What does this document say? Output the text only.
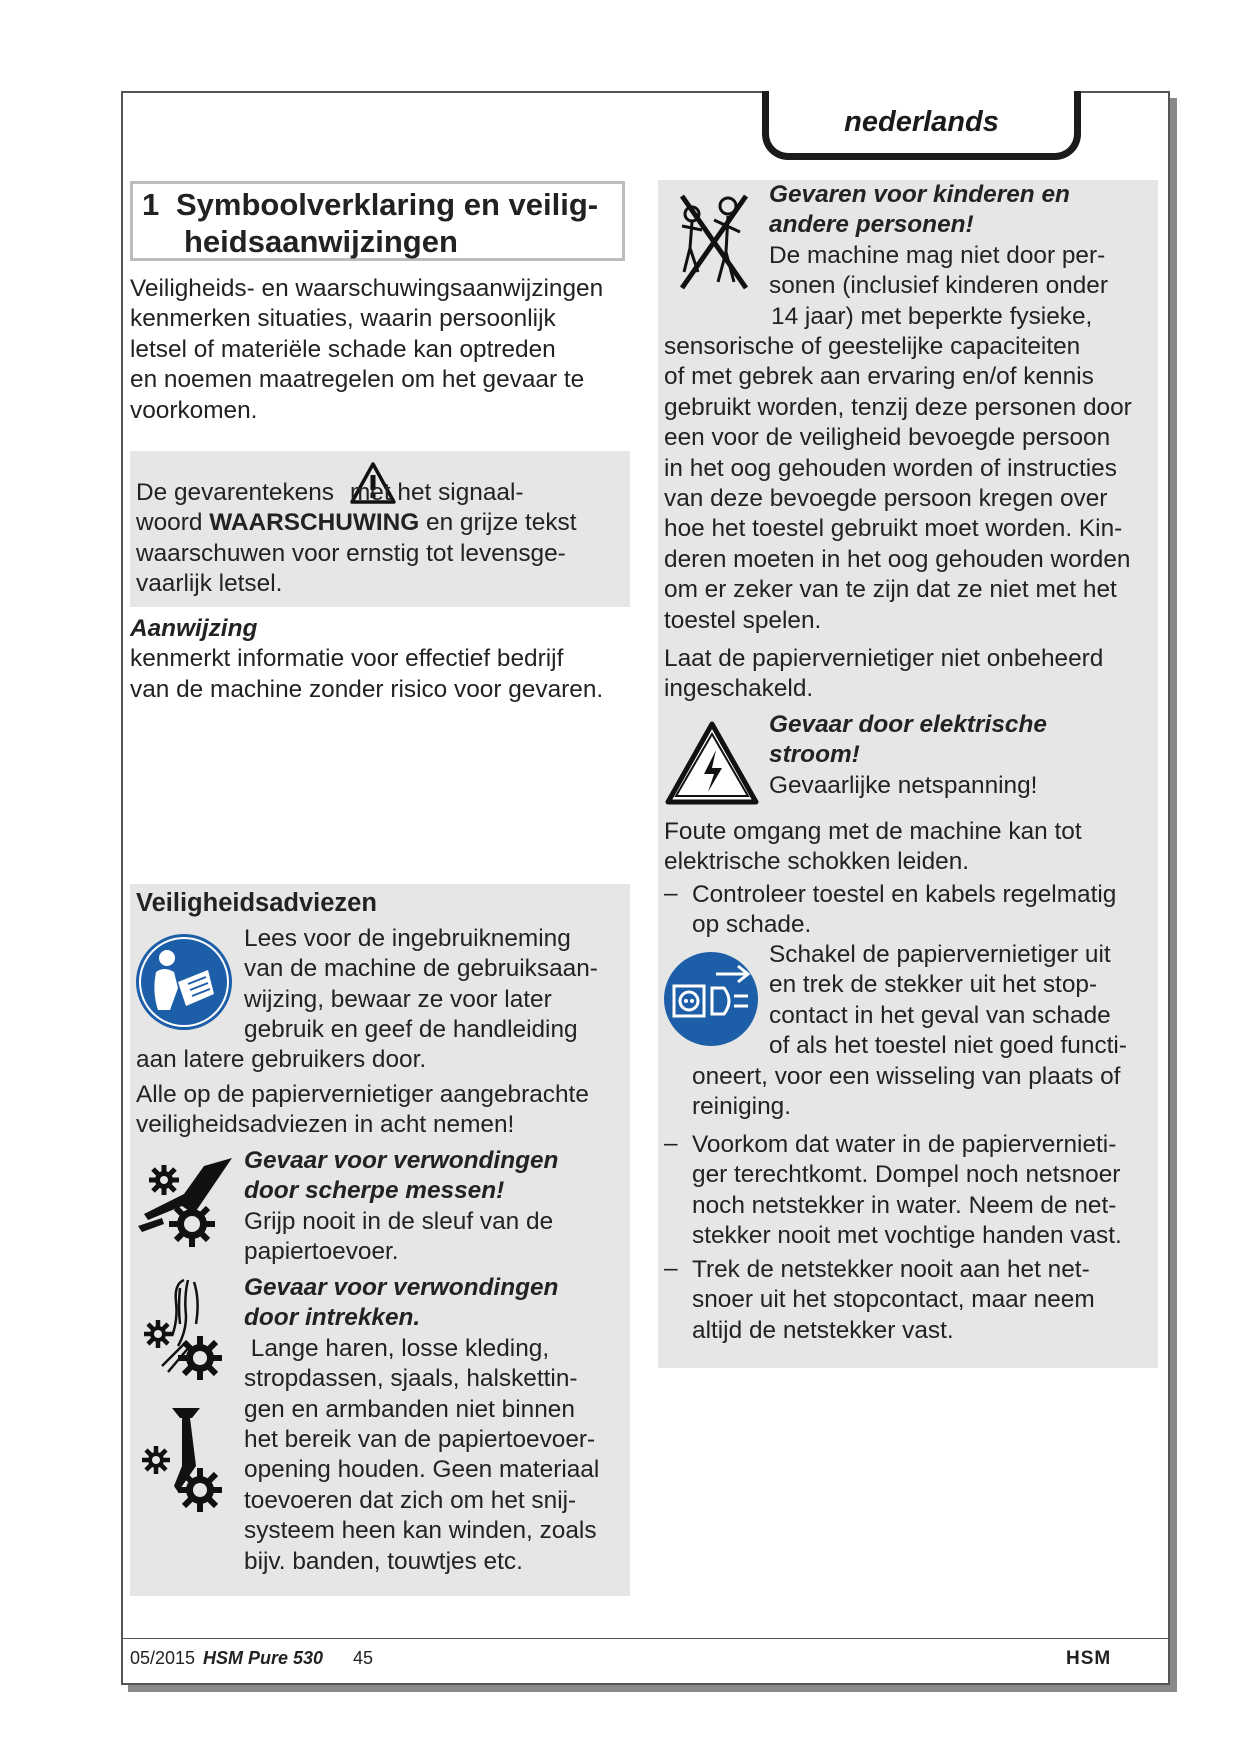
nederlands
1 Symboolverklaring en veilig-
heidsaanwijzingen

Veiligheids- en waarschuwingsaanwijzingen

kenmerken situaties, waarin persoonlijk

letsel of materiële schade kan optreden

en noemen maatregelen om het gevaar te

voorkomen.

De gevarentekens met het signaal-
woord WAARSCHUWING en grijze tekst
waarschuwen voor ernstig tot levensge-
vaarlijk letsel.

Aanwijzing

kenmerkt informatie voor effectief bedrijf

van de machine zonder risico voor gevaren.

Veiligheidsadviezen

Lees voor de ingebruikneming

van de machine de gebruiksaan-

wijzing, bewaar ze voor later

gebruik en geef de handleiding

aan latere gebruikers door.

Alle op de papiervernietiger aangebrachte

veiligheidsadviezen in acht nemen!

Gevaar voor verwondingen

door scherpe messen!

Grijp nooit in de sleuf van de

papiertoevoer.

Gevaar voor verwondingen

door intrekken.

Lange haren, losse kleding,

stropdassen, sjaals, halskettin-

gen en armbanden niet binnen

het bereik van de papiertoevoer-

opening houden. Geen materiaal

toevoeren dat zich om het snij-

systeem heen kan winden, zoals

bijv. banden, touwtjes etc.

Gevaren voor kinderen en

andere personen!

De machine mag niet door per-

sonen (inclusief kinderen onder

14 jaar) met beperkte fysieke,

sensorische of geestelijke capaciteiten

of met gebrek aan ervaring en/of kennis

gebruikt worden, tenzij deze personen door

een voor de veiligheid bevoegde persoon

in het oog gehouden worden of instructies

van deze bevoegde persoon kregen over

hoe het toestel gebruikt moet worden. Kin-

deren moeten in het oog gehouden worden

om er zeker van te zijn dat ze niet met het

toestel spelen.

Laat de papiervernietiger niet onbeheerd

ingeschakeld.

Gevaar door elektrische

stroom!

Gevaarlijke netspanning!

Foute omgang met de machine kan tot

elektrische schokken leiden.

– Controleer toestel en kabels regelmatig

op schade.

Schakel de papiervernietiger uit

en trek de stekker uit het stop-

contact in het geval van schade

of als het toestel niet goed functi-

oneert, voor een wisseling van plaats of

reiniging.

– Voorkom dat water in de papiervernieti-

ger terechtkomt. Dompel noch netsnoer

noch netstekker in water. Neem de net-

stekker nooit met vochtige handen vast.

– Trek de netstekker nooit aan het net-

snoer uit het stopcontact, maar neem

altijd de netstekker vast.

05/2015 HSM Pure 530 45	HSM
